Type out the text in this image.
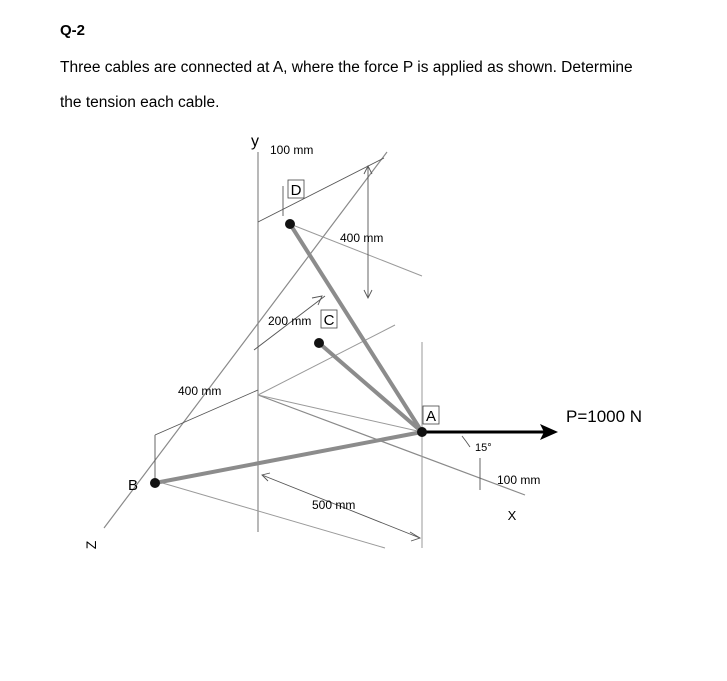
Q-2
Three cables are connected at A, where the force P is applied as shown. Determine
the tension each cable.
D
C
A
B
y
X
Z
100 mm
400 mm
200 mm
400 mm
500 mm
100 mm
15°
P=1000 N
